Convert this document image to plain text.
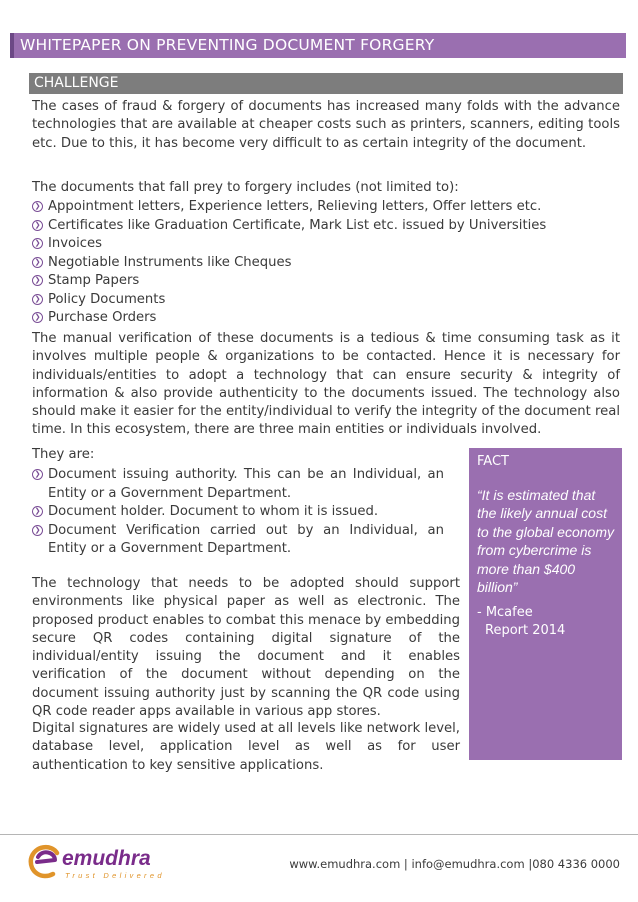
WHITEPAPER ON PREVENTING DOCUMENT FORGERY
CHALLENGE

The cases of fraud & forgery of documents has increased many folds with the advance technologies that are available at cheaper costs such as printers, scanners, editing tools etc. Due to this, it has become very difficult to as certain integrity of the document.

The documents that fall prey to forgery includes (not limited to):

❯ Appointment letters, Experience letters, Relieving letters, Offer letters etc.
❯ Certificates like Graduation Certificate, Mark List etc. issued by Universities
❯ Invoices
❯ Negotiable Instruments like Cheques
❯ Stamp Papers
❯ Policy Documents
❯ Purchase Orders

The manual verification of these documents is a tedious & time consuming task as it involves multiple people & organizations to be contacted. Hence it is necessary for individuals/entities to adopt a technology that can ensure security & integrity of information & also provide authenticity to the documents issued. The technology also should make it easier for the entity/individual to verify the integrity of the document real time. In this ecosystem, there are three main entities or individuals involved.

They are:

❯ Document issuing authority. This can be an Individual, an Entity or a Government Department.
❯ Document holder. Document to whom it is issued.
❯ Document Verification carried out by an Individual, an Entity or a Government Department.

The technology that needs to be adopted should support environments like physical paper as well as electronic. The proposed product enables to combat this menace by embedding secure QR codes containing digital signature of the individual/entity issuing the document and it enables verification of the document without depending on the document issuing authority just by scanning the QR code using QR code reader apps available in various app stores.

Digital signatures are widely used at all levels like network level, database level, application level as well as for user authentication to key sensitive applications.

FACT
“It is estimated that the likely annual cost to the global economy from cybercrime is more than $400 billion”
- Mcafee
Report 2014
emudhra
Trust Delivered
www.emudhra.com | info@emudhra.com |080 4336 0000
